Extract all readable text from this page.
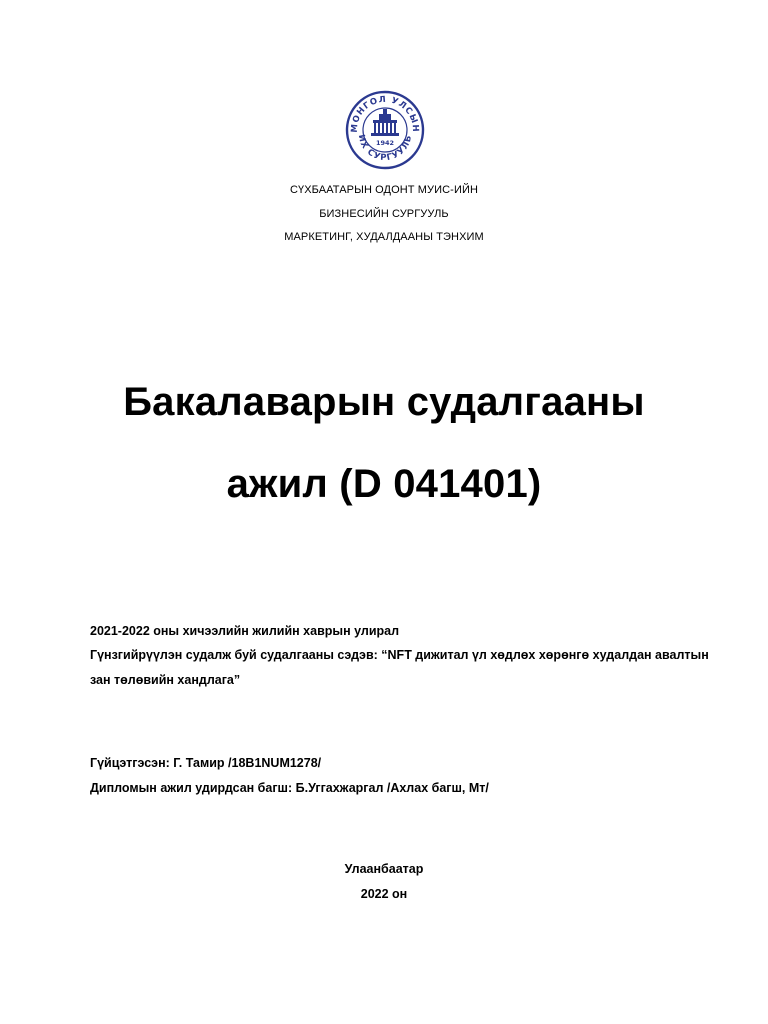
МОНГОЛ УЛСЫН
ИХ СУРГУУЛЬ
1942
СҮХБААТАРЫН ОДОНТ МУИС-ИЙН
БИЗНЕСИЙН СУРГУУЛЬ
МАРКЕТИНГ, ХУДАЛДААНЫ ТЭНХИМ
Бакалаварын судалгааны
ажил (D 041401)
2021-2022 оны хичээлийн жилийн хаврын улирал
Гүнзгийрүүлэн судалж буй судалгааны сэдэв: “NFT дижитал үл хөдлөх хөрөнгө худалдан авалтын
зан төлөвийн хандлага”
Гүйцэтгэсэн: Г. Тамир /18B1NUM1278/
Дипломын ажил удирдсан багш: Б.Уггахжаргал /Ахлах багш, Мт/
Улаанбаатар
2022 он
